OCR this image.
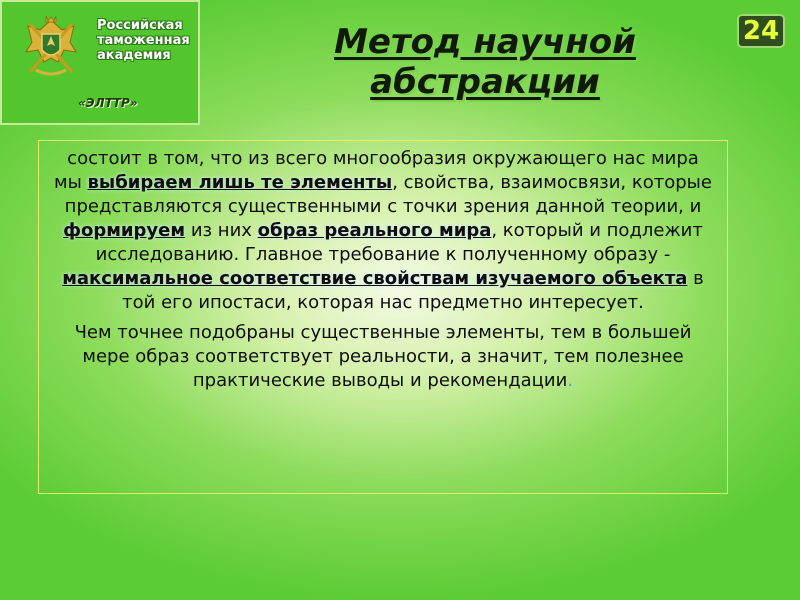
Российская
таможенная
академия
«ЭЛТТР»
Метод научной
абстракции
24

состоит в том, что из всего многообразия окружающего нас мира мы выбираем лишь те элементы, свойства, взаимосвязи, которые представляются существенными с точки зрения данной теории, и формируем из них образ реального мира, который и подлежит исследованию. Главное требование к полученному образу - максимальное соответствие свойствам изучаемого объекта в той его ипостаси, которая нас предметно интересует.

Чем точнее подобраны существенные элементы, тем в большей мере образ соответствует реальности, а значит, тем полезнее практические выводы и рекомендации.
